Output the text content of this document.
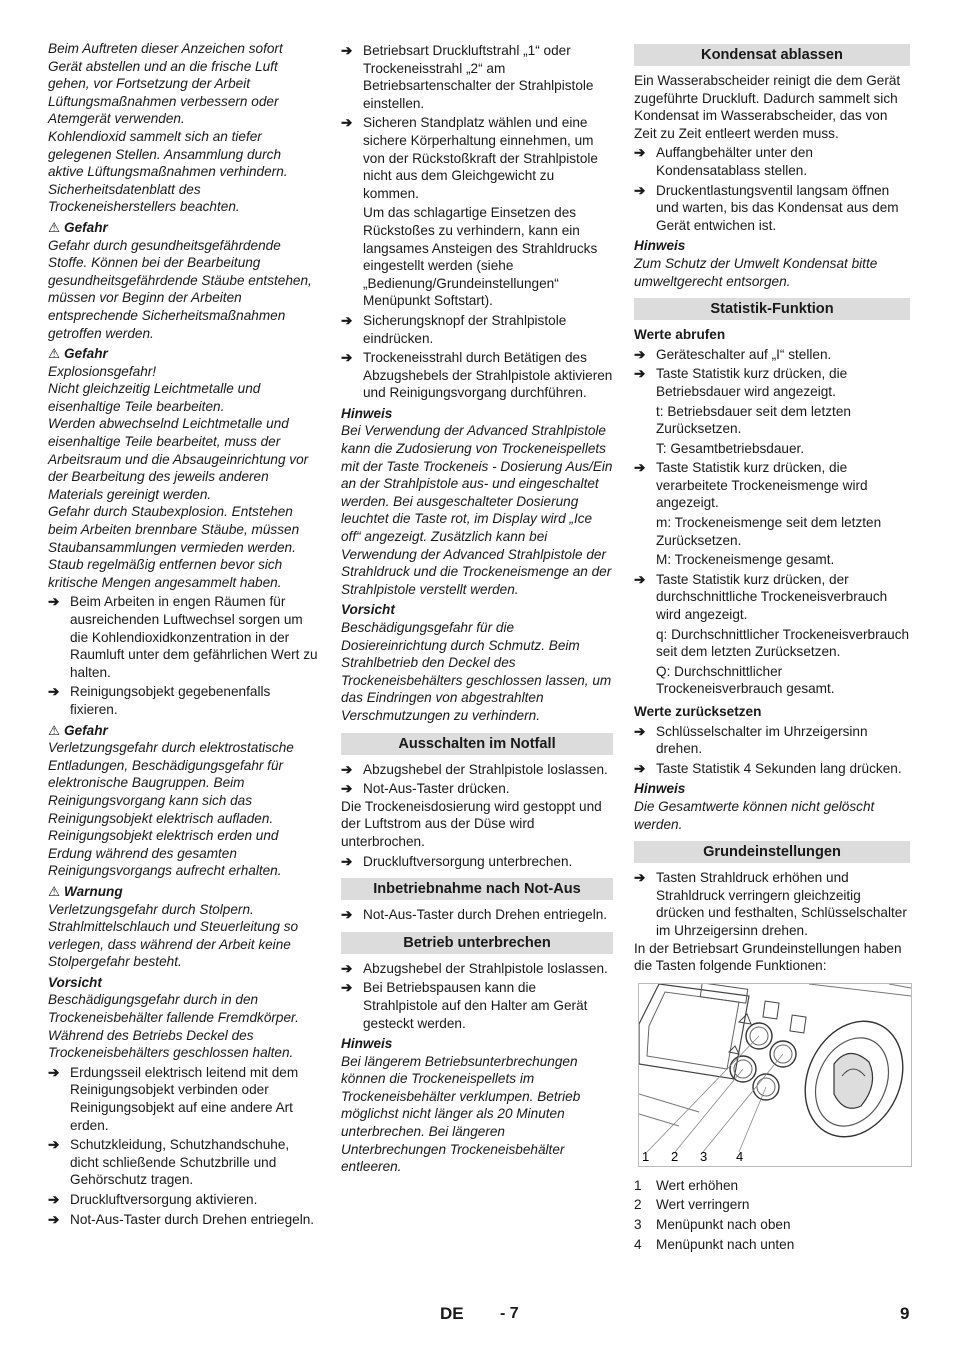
Beim Auftreten dieser Anzeichen sofort Gerät abstellen und an die frische Luft gehen, vor Fortsetzung der Arbeit Lüftungsmaßnahmen verbessern oder Atemgerät verwenden.
Kohlendioxid sammelt sich an tiefer gelegenen Stellen. Ansammlung durch aktive Lüftungsmaßnahmen verhindern.
Sicherheitsdatenblatt des Trockeneisherstellers beachten.

⚠ Gefahr

Gefahr durch gesundheitsgefährdende Stoffe. Können bei der Bearbeitung gesundheitsgefährdende Stäube entstehen, müssen vor Beginn der Arbeiten entsprechende Sicherheitsmaßnahmen getroffen werden.

⚠ Gefahr

Explosionsgefahr!
Nicht gleichzeitig Leichtmetalle und eisenhaltige Teile bearbeiten.
Werden abwechselnd Leichtmetalle und eisenhaltige Teile bearbeitet, muss der Arbeitsraum und die Absaugeinrichtung vor der Bearbeitung des jeweils anderen Materials gereinigt werden.
Gefahr durch Staubexplosion. Entstehen beim Arbeiten brennbare Stäube, müssen Staubansammlungen vermieden werden. Staub regelmäßig entfernen bevor sich kritische Mengen angesammelt haben.

➔ Beim Arbeiten in engen Räumen für ausreichenden Luftwechsel sorgen um die Kohlendioxidkonzentration in der Raumluft unter dem gefährlichen Wert zu halten.
➔ Reinigungsobjekt gegebenenfalls fixieren.
⚠ Gefahr

Verletzungsgefahr durch elektrostatische Entladungen, Beschädigungsgefahr für elektronische Baugruppen. Beim Reinigungsvorgang kann sich das Reinigungsobjekt elektrisch aufladen.
Reinigungsobjekt elektrisch erden und Erdung während des gesamten Reinigungsvorgangs aufrecht erhalten.

⚠ Warnung

Verletzungsgefahr durch Stolpern. Strahlmittelschlauch und Steuerleitung so verlegen, dass während der Arbeit keine Stolpergefahr besteht.

Vorsicht

Beschädigungsgefahr durch in den Trockeneisbehälter fallende Fremdkörper. Während des Betriebs Deckel des Trockeneisbehälters geschlossen halten.

➔ Erdungsseil elektrisch leitend mit dem Reinigungsobjekt verbinden oder Reinigungsobjekt auf eine andere Art erden.
➔ Schutzkleidung, Schutzhandschuhe, dicht schließende Schutzbrille und Gehörschutz tragen.
➔ Druckluftversorgung aktivieren.
➔ Not-Aus-Taster durch Drehen entriegeln.
➔ Betriebsart Druckluftstrahl „1“ oder Trockeneisstrahl „2“ am Betriebsartenschalter der Strahlpistole einstellen.
➔ Sicheren Standplatz wählen und eine sichere Körperhaltung einnehmen, um von der Rückstoßkraft der Strahlpistole nicht aus dem Gleichgewicht zu kommen.

Um das schlagartige Einsetzen des Rückstoßes zu verhindern, kann ein langsames Ansteigen des Strahldrucks eingestellt werden (siehe „Bedienung/Grundeinstellungen“ Menüpunkt Softstart).

➔ Sicherungsknopf der Strahlpistole eindrücken.
➔ Trockeneisstrahl durch Betätigen des Abzugshebels der Strahlpistole aktivieren und Reinigungsvorgang durchführen.
Hinweis

Bei Verwendung der Advanced Strahlpistole kann die Zudosierung von Trockeneispellets mit der Taste Trockeneis - Dosierung Aus/Ein an der Strahlpistole aus- und eingeschaltet werden. Bei ausgeschalteter Dosierung leuchtet die Taste rot, im Display wird „Ice off“ angezeigt. Zusätzlich kann bei Verwendung der Advanced Strahlpistole der Strahldruck und die Trockeneismenge an der Strahlpistole verstellt werden.

Vorsicht

Beschädigungsgefahr für die Dosiereinrichtung durch Schmutz. Beim Strahlbetrieb den Deckel des Trockeneisbehälters geschlossen lassen, um das Eindringen von abgestrahlten Verschmutzungen zu verhindern.

Ausschalten im Notfall
➔ Abzugshebel der Strahlpistole loslassen.
➔ Not-Aus-Taster drücken.

Die Trockeneisdosierung wird gestoppt und der Luftstrom aus der Düse wird unterbrochen.

➔ Druckluftversorgung unterbrechen.
Inbetriebnahme nach Not-Aus
➔ Not-Aus-Taster durch Drehen entriegeln.
Betrieb unterbrechen
➔ Abzugshebel der Strahlpistole loslassen.
➔ Bei Betriebspausen kann die Strahlpistole auf den Halter am Gerät gesteckt werden.
Hinweis

Bei längerem Betriebsunterbrechungen können die Trockeneispellets im Trockeneisbehälter verklumpen. Betrieb möglichst nicht länger als 20 Minuten unterbrechen. Bei längeren Unterbrechungen Trockeneisbehälter entleeren.

Kondensat ablassen

Ein Wasserabscheider reinigt die dem Gerät zugeführte Druckluft. Dadurch sammelt sich Kondensat im Wasserabscheider, das von Zeit zu Zeit entleert werden muss.

➔ Auffangbehälter unter den Kondensatablass stellen.
➔ Druckentlastungsventil langsam öffnen und warten, bis das Kondensat aus dem Gerät entwichen ist.
Hinweis

Zum Schutz der Umwelt Kondensat bitte umweltgerecht entsorgen.

Statistik-Funktion
Werte abrufen
➔ Geräteschalter auf „I“ stellen.
➔ Taste Statistik kurz drücken, die Betriebsdauer wird angezeigt.

t: Betriebsdauer seit dem letzten Zurücksetzen.

T: Gesamtbetriebsdauer.

➔ Taste Statistik kurz drücken, die verarbeitete Trockeneismenge wird angezeigt.

m: Trockeneismenge seit dem letzten Zurücksetzen.

M: Trockeneismenge gesamt.

➔ Taste Statistik kurz drücken, der durchschnittliche Trockeneisverbrauch wird angezeigt.

q: Durchschnittlicher Trockeneisverbrauch seit dem letzten Zurücksetzen.

Q: Durchschnittlicher Trockeneisverbrauch gesamt.

Werte zurücksetzen
➔ Schlüsselschalter im Uhrzeigersinn drehen.
➔ Taste Statistik 4 Sekunden lang drücken.
Hinweis

Die Gesamtwerte können nicht gelöscht werden.

Grundeinstellungen
➔ Tasten Strahldruck erhöhen und Strahldruck verringern gleichzeitig drücken und festhalten, Schlüsselschalter im Uhrzeigersinn drehen.

In der Betriebsart Grundeinstellungen haben die Tasten folgende Funktionen:

1 2 3 4
1	Wert erhöhen
2	Wert verringern
3	Menüpunkt nach oben
4	Menüpunkt nach unten
DE - 7	9
